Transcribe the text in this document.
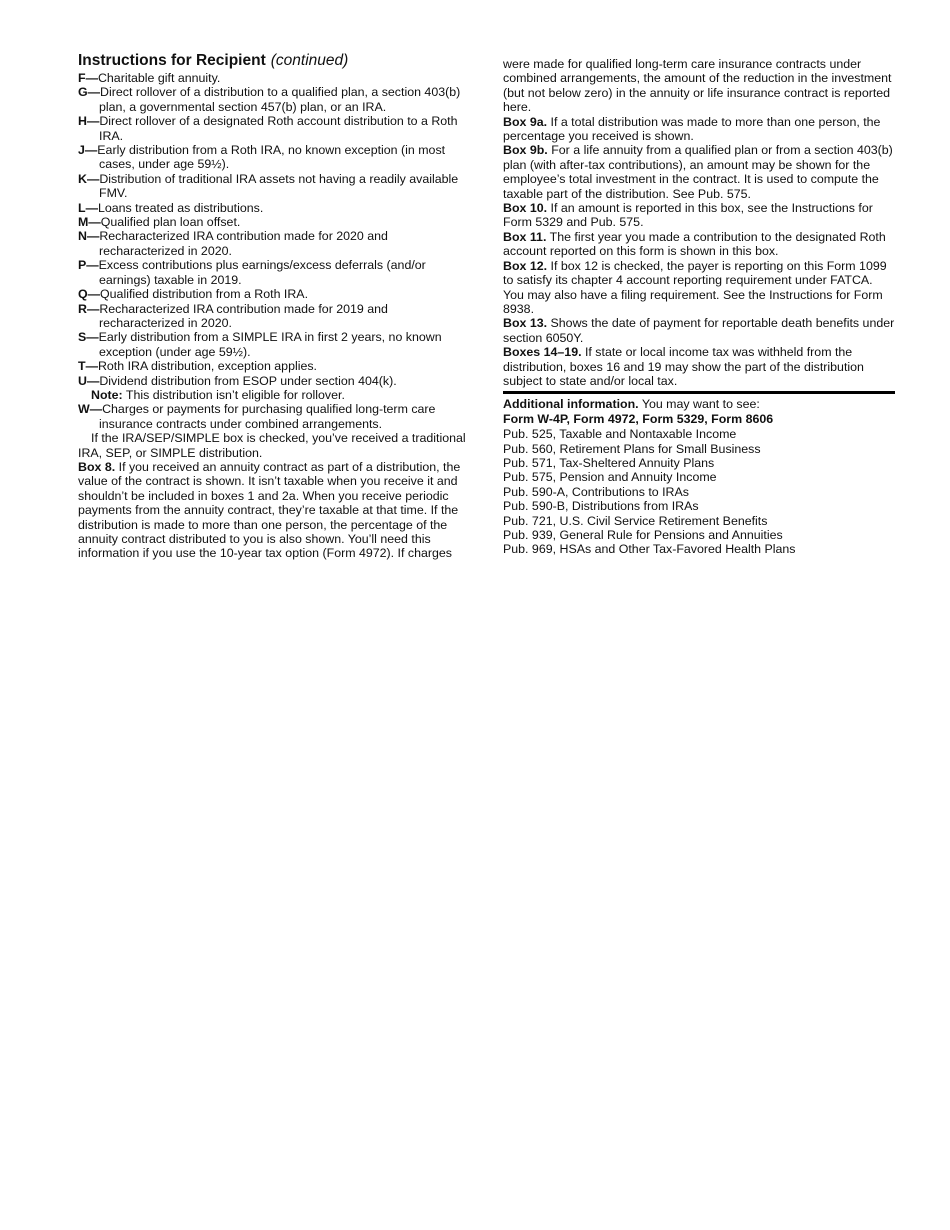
Instructions for Recipient (continued)

F—Charitable gift annuity.

G—Direct rollover of a distribution to a qualified plan, a section 403(b) plan, a governmental section 457(b) plan, or an IRA.

H—Direct rollover of a designated Roth account distribution to a Roth IRA.

J—Early distribution from a Roth IRA, no known exception (in most cases, under age 59½).

K—Distribution of traditional IRA assets not having a readily available FMV.

L—Loans treated as distributions.

M—Qualified plan loan offset.

N—Recharacterized IRA contribution made for 2020 and recharacterized in 2020.

P—Excess contributions plus earnings/excess deferrals (and/or earnings) taxable in 2019.

Q—Qualified distribution from a Roth IRA.

R—Recharacterized IRA contribution made for 2019 and recharacterized in 2020.

S—Early distribution from a SIMPLE IRA in first 2 years, no known exception (under age 59½).

T—Roth IRA distribution, exception applies.

U—Dividend distribution from ESOP under section 404(k).

Note: This distribution isn’t eligible for rollover.

W—Charges or payments for purchasing qualified long-term care insurance contracts under combined arrangements.

If the IRA/SEP/SIMPLE box is checked, you’ve received a traditional IRA, SEP, or SIMPLE distribution.

Box 8. If you received an annuity contract as part of a distribution, the value of the contract is shown. It isn’t taxable when you receive it and shouldn’t be included in boxes 1 and 2a. When you receive periodic payments from the annuity contract, they’re taxable at that time. If the distribution is made to more than one person, the percentage of the annuity contract distributed to you is also shown. You’ll need this information if you use the 10-year tax option (Form 4972). If charges

were made for qualified long-term care insurance contracts under combined arrangements, the amount of the reduction in the investment (but not below zero) in the annuity or life insurance contract is reported here.

Box 9a. If a total distribution was made to more than one person, the percentage you received is shown.

Box 9b. For a life annuity from a qualified plan or from a section 403(b) plan (with after-tax contributions), an amount may be shown for the employee’s total investment in the contract. It is used to compute the taxable part of the distribution. See Pub. 575.

Box 10. If an amount is reported in this box, see the Instructions for Form 5329 and Pub. 575.

Box 11. The first year you made a contribution to the designated Roth account reported on this form is shown in this box.

Box 12. If box 12 is checked, the payer is reporting on this Form 1099 to satisfy its chapter 4 account reporting requirement under FATCA. You may also have a filing requirement. See the Instructions for Form 8938.

Box 13. Shows the date of payment for reportable death benefits under section 6050Y.

Boxes 14–19. If state or local income tax was withheld from the distribution, boxes 16 and 19 may show the part of the distribution subject to state and/or local tax.

Additional information. You may want to see:

Form W-4P, Form 4972, Form 5329, Form 8606

Pub. 525, Taxable and Nontaxable Income

Pub. 560, Retirement Plans for Small Business

Pub. 571, Tax-Sheltered Annuity Plans

Pub. 575, Pension and Annuity Income

Pub. 590-A, Contributions to IRAs

Pub. 590-B, Distributions from IRAs

Pub. 721, U.S. Civil Service Retirement Benefits

Pub. 939, General Rule for Pensions and Annuities

Pub. 969, HSAs and Other Tax-Favored Health Plans
